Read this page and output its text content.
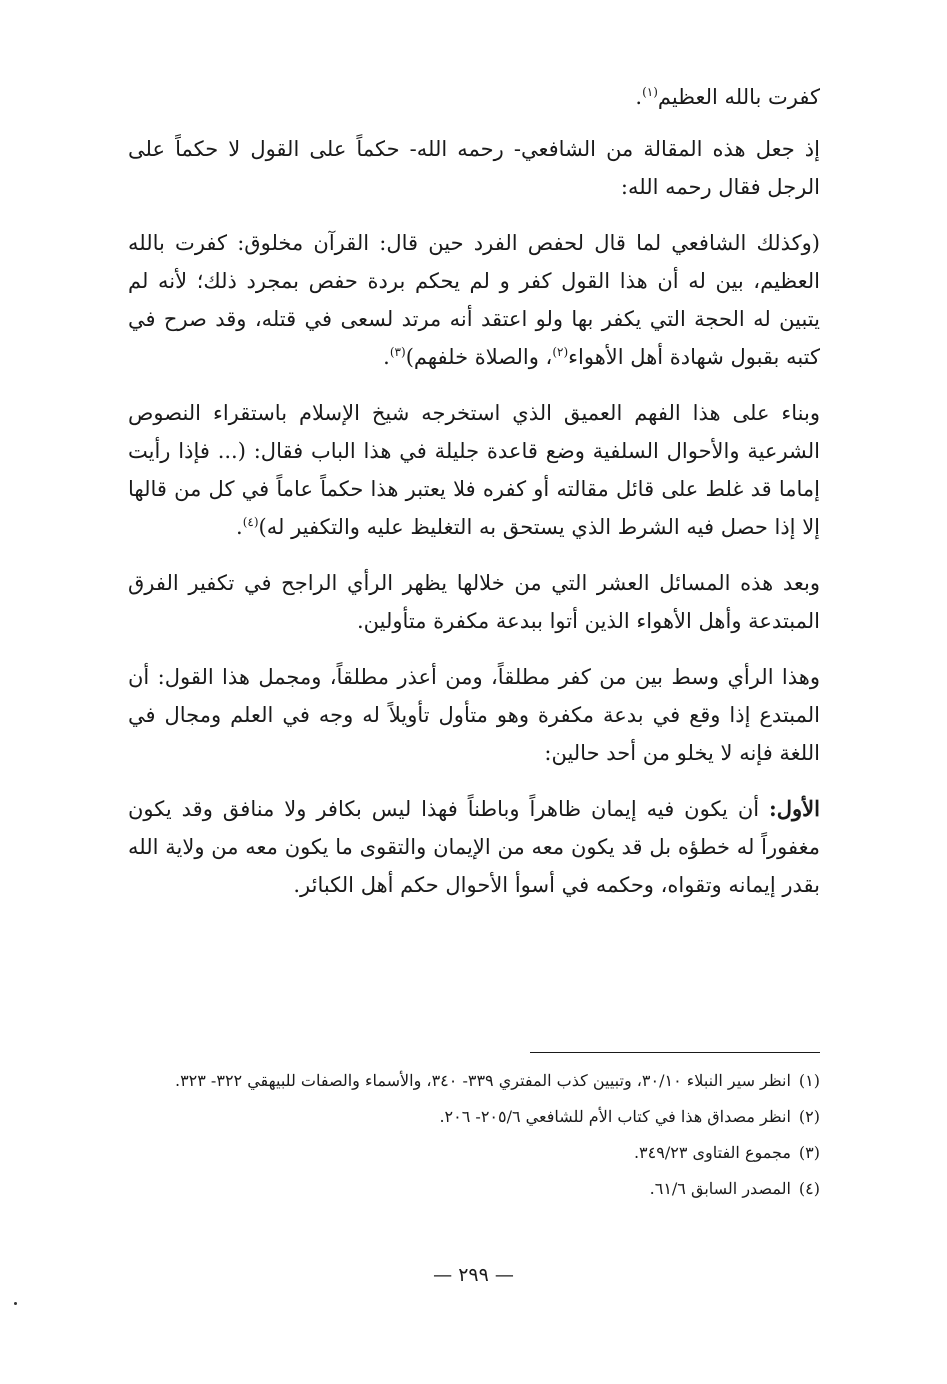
كفرت بالله العظيم$^{(١)}$.

إذ جعل هذه المقالة من الشافعي- رحمه الله- حكماً على القول لا حكماً على الرجل فقال رحمه الله:

(وكذلك الشافعي لما قال لحفص الفرد حين قال: القرآن مخلوق: كفرت بالله العظيم، بين له أن هذا القول كفر و لم يحكم بردة حفص بمجرد ذلك؛ لأنه لم يتبين له الحجة التي يكفر بها ولو اعتقد أنه مرتد لسعى في قتله، وقد صرح في كتبه بقبول شهادة أهل الأهواء$^{(٢)}$، والصلاة خلفهم)$^{(٣)}$.

وبناء على هذا الفهم العميق الذي استخرجه شيخ الإسلام باستقراء النصوص الشرعية والأحوال السلفية وضع قاعدة جليلة في هذا الباب فقال: (... فإذا رأيت إماما قد غلط على قائل مقالته أو كفره فلا يعتبر هذا حكماً عاماً في كل من قالها إلا إذا حصل فيه الشرط الذي يستحق به التغليظ عليه والتكفير له)$^{(٤)}$.

وبعد هذه المسائل العشر التي من خلالها يظهر الرأي الراجح في تكفير الفرق المبتدعة وأهل الأهواء الذين أتوا ببدعة مكفرة متأولين.

وهذا الرأي وسط بين من كفر مطلقاً، ومن أعذر مطلقاً، ومجمل هذا القول: أن المبتدع إذا وقع في بدعة مكفرة وهو متأول تأويلاً له وجه في العلم ومجال في اللغة فإنه لا يخلو من أحد حالين:

الأول: أن يكون فيه إيمان ظاهراً وباطناً فهذا ليس بكافر ولا منافق وقد يكون مغفوراً له خطؤه بل قد يكون معه من الإيمان والتقوى ما يكون معه من ولاية الله بقدر إيمانه وتقواه، وحكمه في أسوأ الأحوال حكم أهل الكبائر.

(١)انظر سير النبلاء ٣٠/١٠، وتبيين كذب المفتري ٣٣٩- ٣٤٠، والأسماء والصفات للبيهقي ٣٢٢- ٣٢٣.
(٢)انظر مصداق هذا في كتاب الأم للشافعي ٢٠٥/٦- ٢٠٦.
(٣)مجموع الفتاوى ٣٤٩/٢٣.
(٤)المصدر السابق ٦١/٦.
— ٢٩٩ —
